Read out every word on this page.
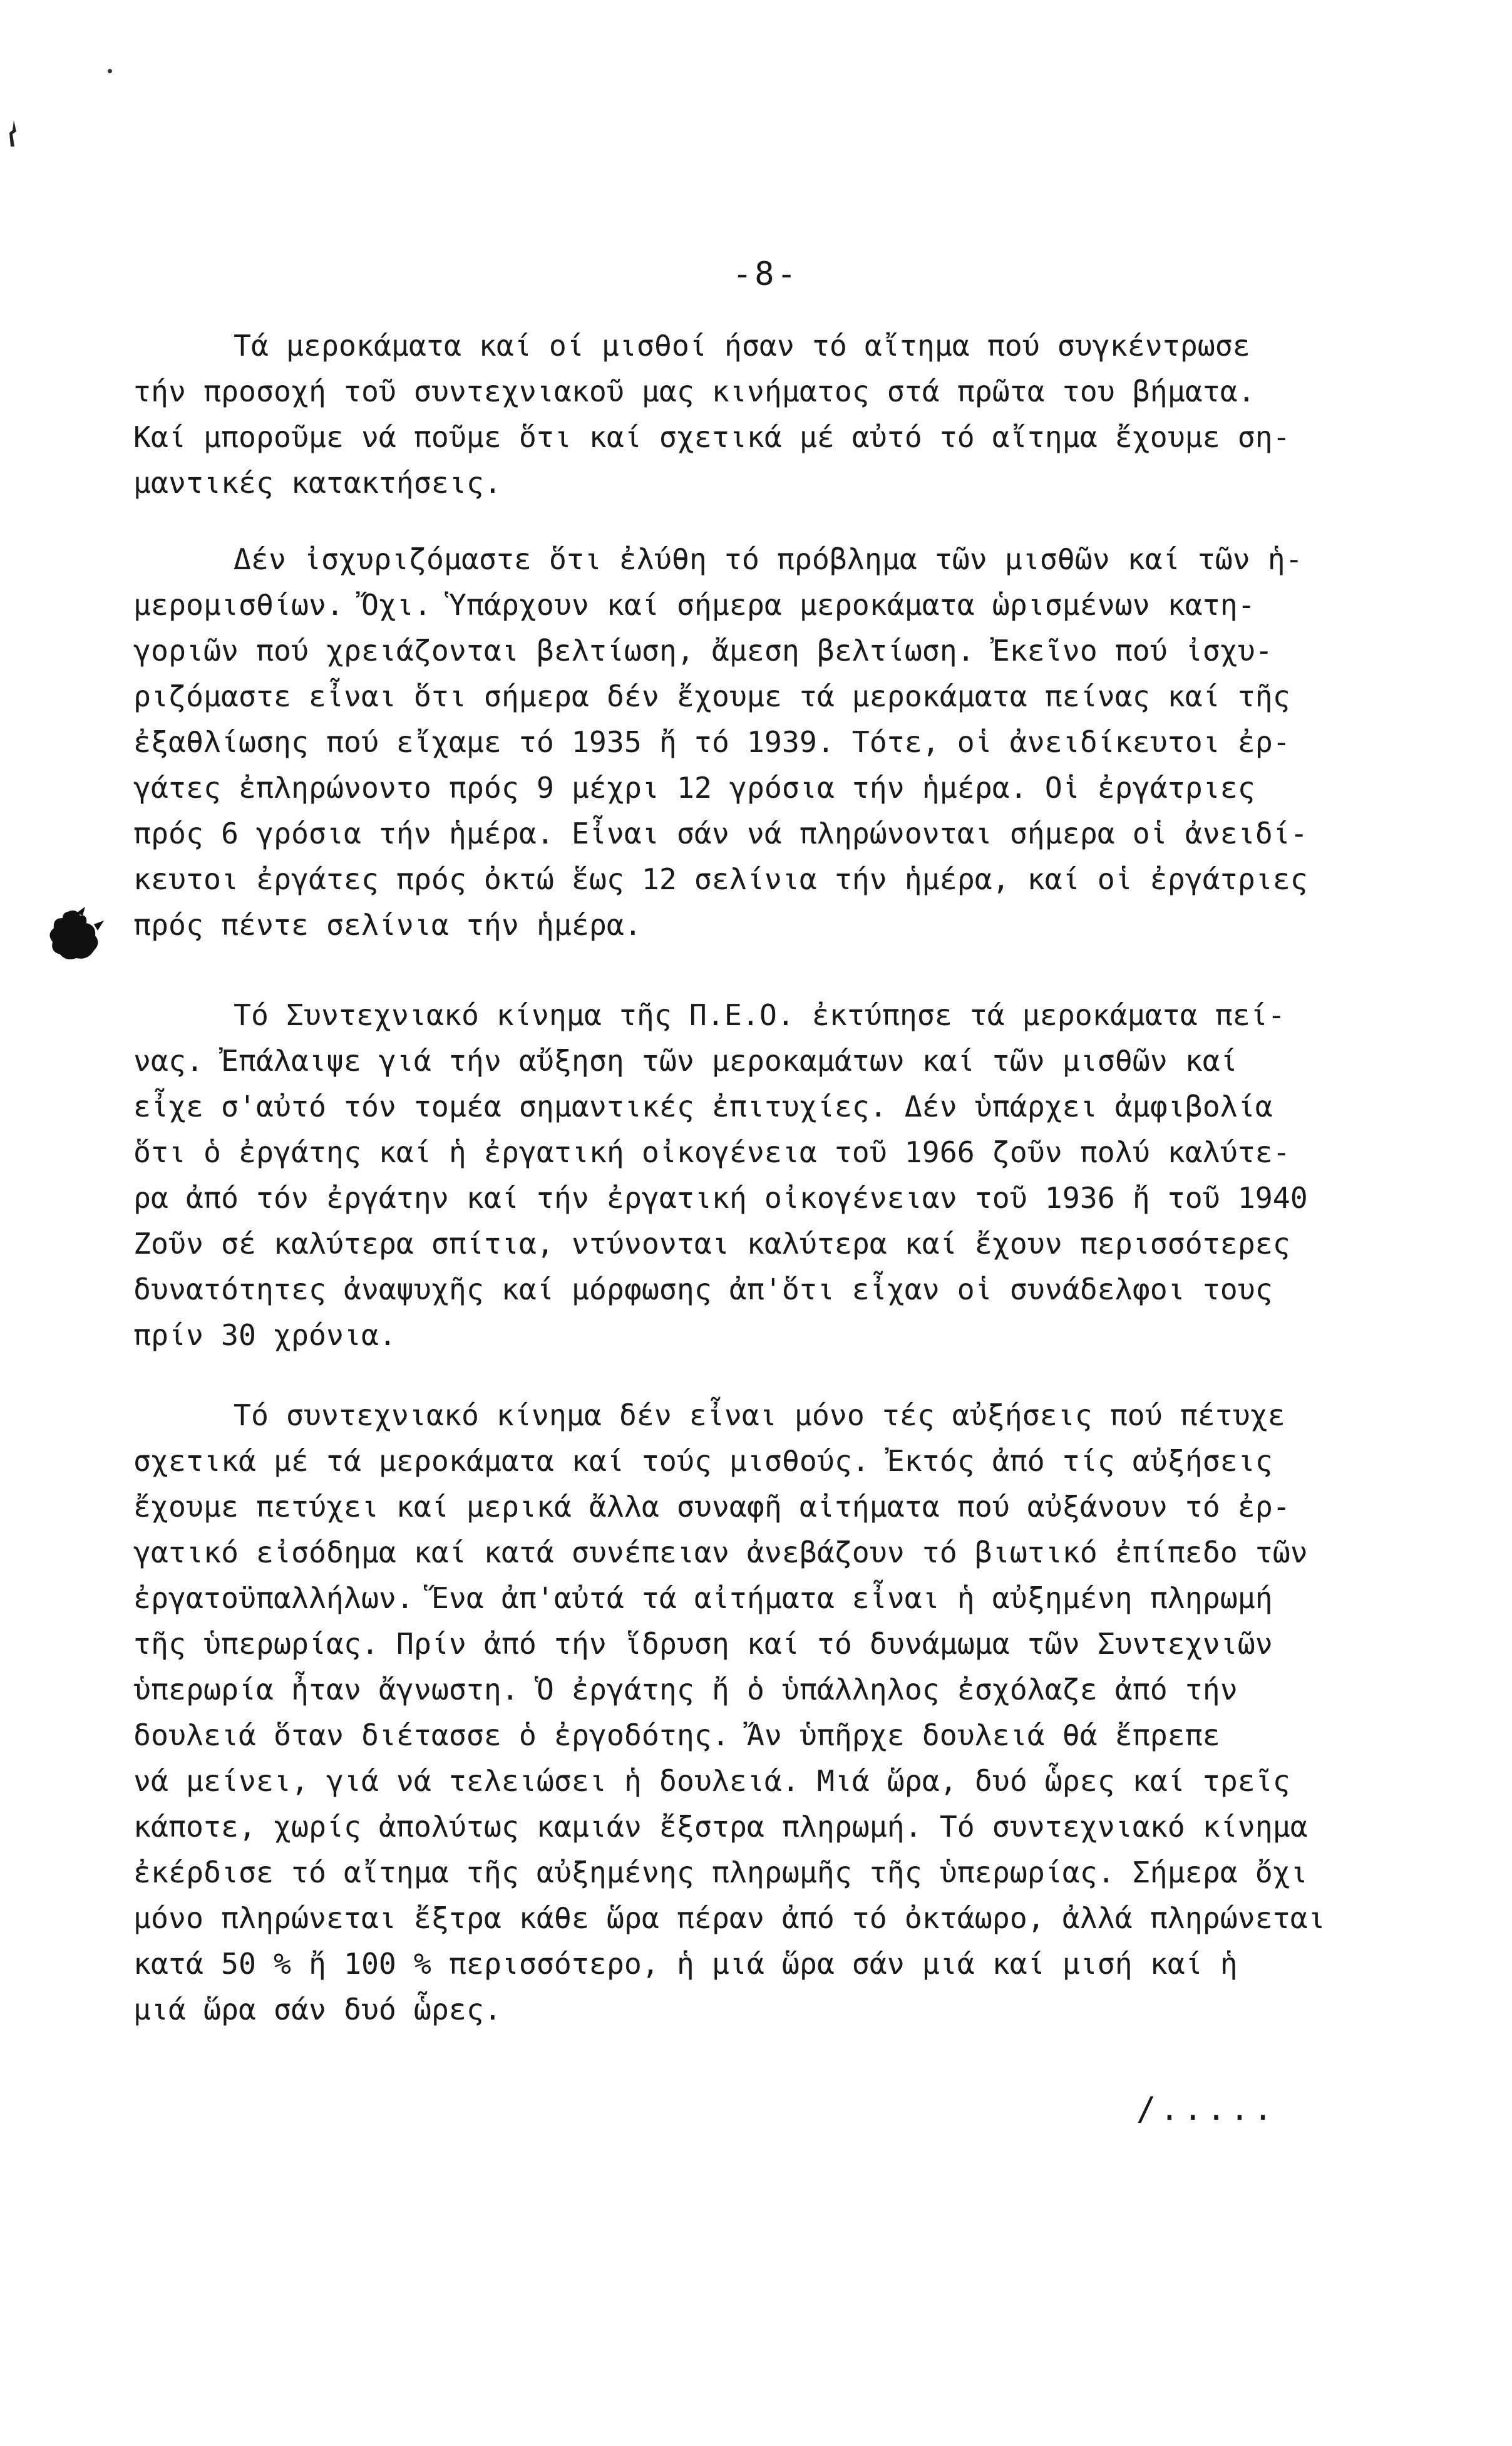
-8-
Τά μεροκάματα καί οί μισθοί ήσαν τό αἴτημα πού συγκέντρωσε
τήν προσοχή τοῦ συντεχνιακοῦ μας κινήματος στά πρῶτα του βήματα.
Καί μποροῦμε νά ποῦμε ὅτι καί σχετικά μέ αὐτό τό αἴτημα ἔχουμε ση-
μαντικές κατακτήσεις.
Δέν ἰσχυριζόμαστε ὅτι ἐλύθη τό πρόβλημα τῶν μισθῶν καί τῶν ἡ-
μερομισθίων. Ὄχι. Ὑπάρχουν καί σήμερα μεροκάματα ὡρισμένων κατη-
γοριῶν πού χρειάζονται βελτίωση, ἄμεση βελτίωση. Ἐκεῖνο πού ἰσχυ-
ριζόμαστε εἶναι ὅτι σήμερα δέν ἔχουμε τά μεροκάματα πείνας καί τῆς
ἐξαθλίωσης πού εἴχαμε τό 1935 ἤ τό 1939. Τότε, οἱ ἀνειδίκευτοι ἐρ-
γάτες ἐπληρώνοντο πρός 9 μέχρι 12 γρόσια τήν ἡμέρα. Οἱ ἐργάτριες
πρός 6 γρόσια τήν ἡμέρα. Εἶναι σάν νά πληρώνονται σήμερα οἱ ἀνειδί-
κευτοι ἐργάτες πρός ὀκτώ ἕως 12 σελίνια τήν ἡμέρα, καί οἱ ἐργάτριες
πρός πέντε σελίνια τήν ἡμέρα.
Τό Συντεχνιακό κίνημα τῆς Π.Ε.Ο. ἐκτύπησε τά μεροκάματα πεί-
νας. Ἐπάλαιψε γιά τήν αὔξηση τῶν μεροκαμάτων καί τῶν μισθῶν καί
εἶχε σ'αὐτό τόν τομέα σημαντικές ἐπιτυχίες. Δέν ὑπάρχει ἀμφιβολία
ὅτι ὁ ἐργάτης καί ἡ ἐργατική οἰκογένεια τοῦ 1966 ζοῦν πολύ καλύτε-
ρα ἀπό τόν ἐργάτην καί τήν ἐργατική οἰκογένειαν τοῦ 1936 ἤ τοῦ 1940
Ζοῦν σέ καλύτερα σπίτια, ντύνονται καλύτερα καί ἔχουν περισσότερες
δυνατότητες ἀναψυχῆς καί μόρφωσης ἀπ'ὅτι εἶχαν οἱ συνάδελφοι τους
πρίν 30 χρόνια.
Τό συντεχνιακό κίνημα δέν εἶναι μόνο τές αὐξήσεις πού πέτυχε
σχετικά μέ τά μεροκάματα καί τούς μισθούς. Ἐκτός ἀπό τίς αὐξήσεις
ἔχουμε πετύχει καί μερικά ἄλλα συναφῆ αἰτήματα πού αὐξάνουν τό ἐρ-
γατικό εἰσόδημα καί κατά συνέπειαν ἀνεβάζουν τό βιωτικό ἐπίπεδο τῶν
ἐργατοϋπαλλήλων. Ἕνα ἀπ'αὐτά τά αἰτήματα εἶναι ἡ αὐξημένη πληρωμή
τῆς ὑπερωρίας. Πρίν ἀπό τήν ἵδρυση καί τό δυνάμωμα τῶν Συντεχνιῶν
ὑπερωρία ἦταν ἄγνωστη. Ὁ ἐργάτης ἤ ὁ ὑπάλληλος ἐσχόλαζε ἀπό τήν
δουλειά ὅταν διέτασσε ὁ ἐργοδότης. Ἄν ὑπῆρχε δουλειά θά ἔπρεπε
νά μείνει, γιά νά τελειώσει ἡ δουλειά. Μιά ὥρα, δυό ὧρες καί τρεῖς
κάποτε, χωρίς ἀπολύτως καμιάν ἔξστρα πληρωμή. Τό συντεχνιακό κίνημα
ἐκέρδισε τό αἴτημα τῆς αὐξημένης πληρωμῆς τῆς ὑπερωρίας. Σήμερα ὄχι
μόνο πληρώνεται ἔξτρα κάθε ὥρα πέραν ἀπό τό ὀκτάωρο, ἀλλά πληρώνεται
κατά 50 % ἤ 100 % περισσότερο, ἡ μιά ὥρα σάν μιά καί μισή καί ἡ
μιά ὥρα σάν δυό ὧρες.
/.....
